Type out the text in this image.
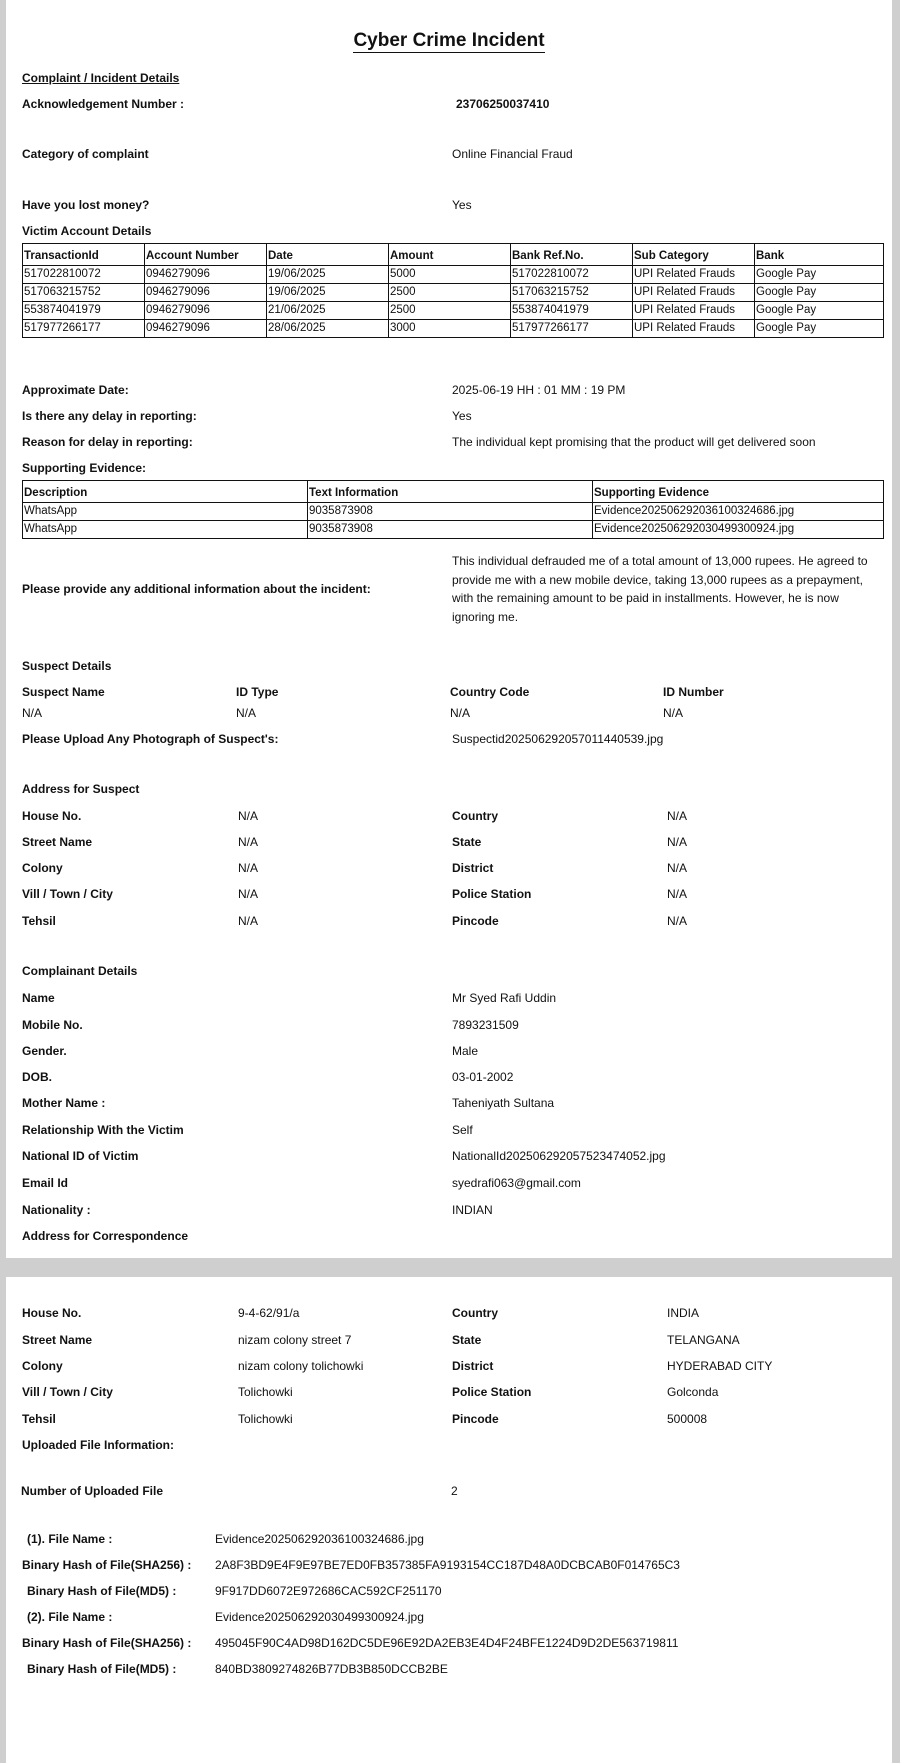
Cyber Crime Incident
Complaint / Incident Details
Acknowledgement Number :	23706250037410
Category of complaint	Online Financial Fraud
Have you lost money?	Yes
Victim Account Details
TransactionId	Account Number	Date	Amount	Bank Ref.No.	Sub Category	Bank
517022810072	0946279096	19/06/2025	5000	517022810072	UPI Related Frauds	Google Pay
517063215752	0946279096	19/06/2025	2500	517063215752	UPI Related Frauds	Google Pay
553874041979	0946279096	21/06/2025	2500	553874041979	UPI Related Frauds	Google Pay
517977266177	0946279096	28/06/2025	3000	517977266177	UPI Related Frauds	Google Pay
Approximate Date:	2025-06-19 HH : 01 MM : 19 PM
Is there any delay in reporting:	Yes
Reason for delay in reporting:	The individual kept promising that the product will get delivered soon
Supporting Evidence:
Description	Text Information	Supporting Evidence
WhatsApp	9035873908	Evidence20250629203610032468​6.jpg
WhatsApp	9035873908	Evidence20250629203049930092​4.jpg
Please provide any additional information about the incident:
This individual defrauded me of a total amount of 13,000 rupees. He agreed to provide me with a new mobile device, taking 13,000 rupees as a prepayment, with the remaining amount to be paid in installments. However, he is now ignoring me.
Suspect Details
Suspect Name	ID Type	Country Code	ID Number
N/A	N/A	N/A	N/A
Please Upload Any Photograph of Suspect's:	Suspectid20250629205701144053​9.jpg
Address for Suspect
House No.	N/A	Country	N/A
Street Name	N/A	State	N/A
Colony	N/A	District	N/A
Vill / Town / City	N/A	Police Station	N/A
Tehsil	N/A	Pincode	N/A
Complainant Details
Name	Mr Syed Rafi Uddin
Mobile No.	7893231509
Gender.	Male
DOB.	03-01-2002
Mother Name :	Taheniyath Sultana
Relationship With the Victim	Self
National ID of Victim	NationalId20250629205752347405​2.jpg
Email Id	syedrafi063@gmail.com
Nationality :	INDIAN
Address for Correspondence
House No.	9-4-62/91/a	Country	INDIA
Street Name	nizam colony street 7	State	TELANGANA
Colony	nizam colony tolichowki	District	HYDERABAD CITY
Vill / Town / City	Tolichowki	Police Station	Golconda
Tehsil	Tolichowki	Pincode	500008
Uploaded File Information:
Number of Uploaded File	2
(1). File Name :	Evidence20250629203610032468​6.jpg
Binary Hash of File(SHA256) : 2A8F3BD9E4F9E97BE7ED0FB357385FA9193154CC187D48A0DCBCAB0F014765C3
Binary Hash of File(MD5) :	9F917DD6072E972686CAC592CF251170
(2). File Name :	Evidence20250629203049930092​4.jpg
Binary Hash of File(SHA256) : 495045F90C4AD98D162DC5DE96E92DA2EB3E4D4F24BFE1224D9D2DE563719811
Binary Hash of File(MD5) :	840BD3809274826B77DB3B850DCCB2BE
